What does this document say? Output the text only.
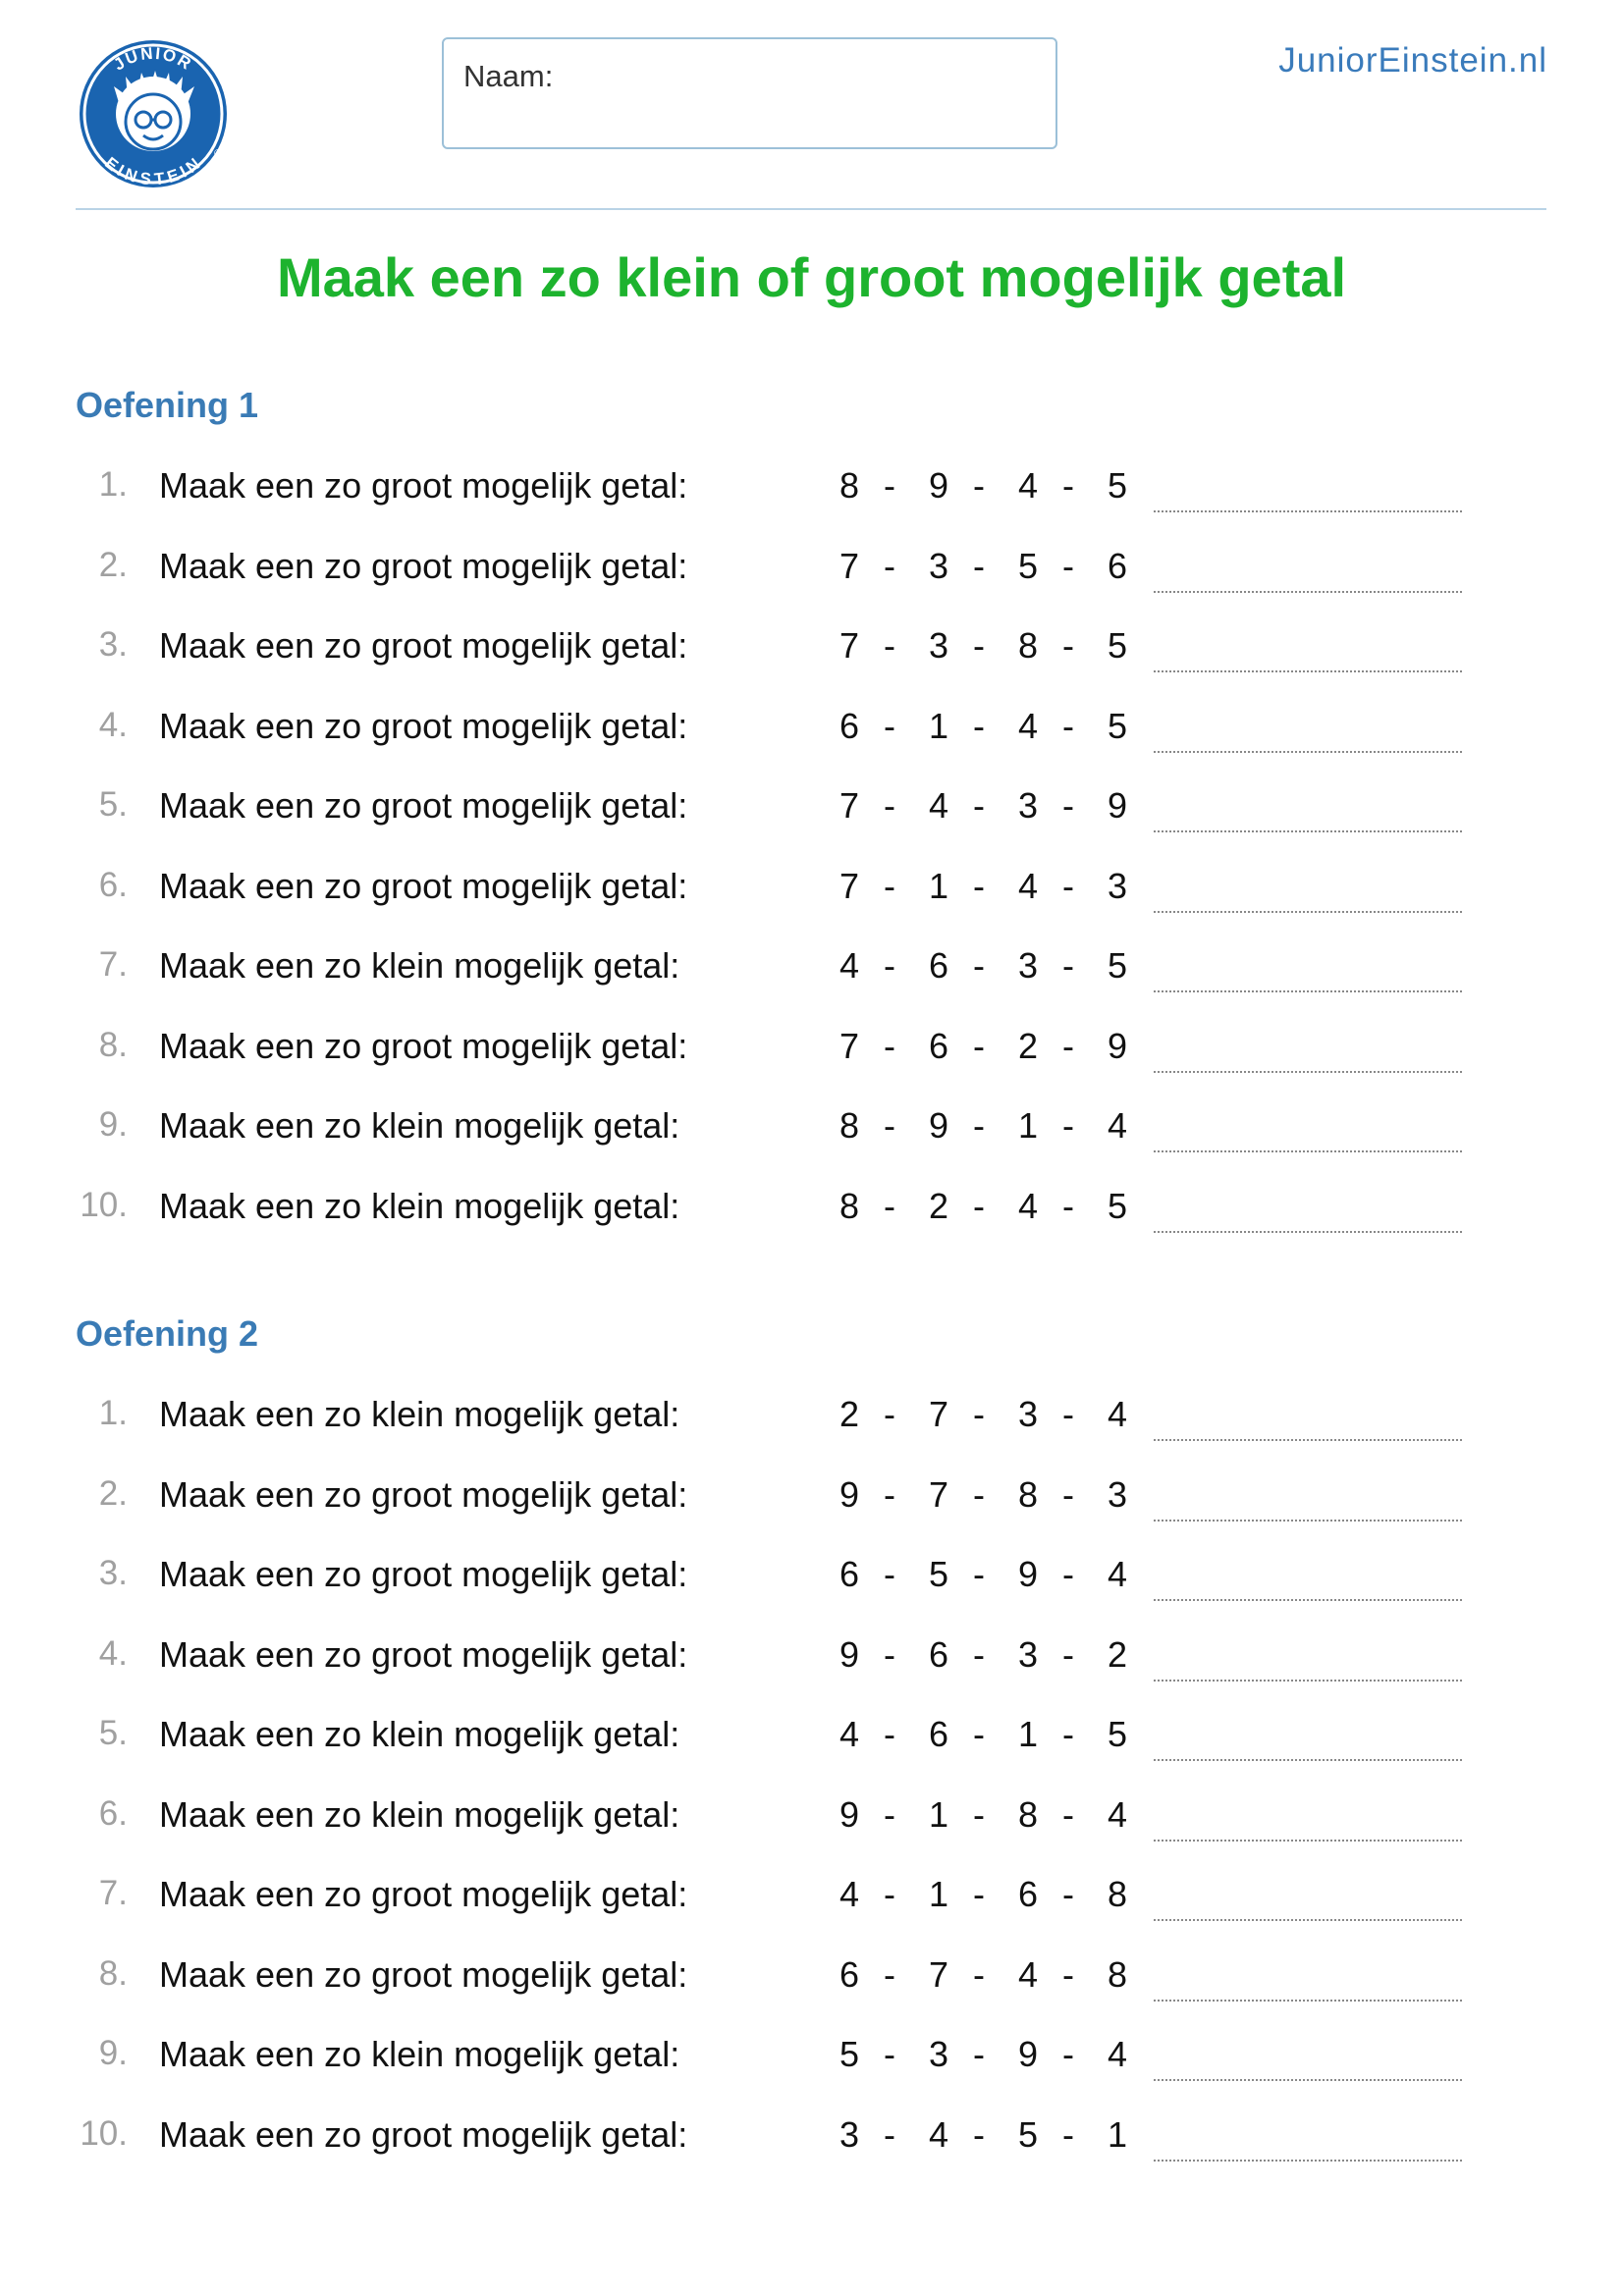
JUNIOR
EINSTEIN ®
Naam:	JuniorEinstein.nl
Maak een zo klein of groot mogelijk getal
Oefening 1
1. Maak een zo groot mogelijk getal:	8 - 9 - 4 - 5
2. Maak een zo groot mogelijk getal:	7 - 3 - 5 - 6
3. Maak een zo groot mogelijk getal:	7 - 3 - 8 - 5
4. Maak een zo groot mogelijk getal:	6 - 1 - 4 - 5
5. Maak een zo groot mogelijk getal:	7 - 4 - 3 - 9
6. Maak een zo groot mogelijk getal:	7 - 1 - 4 - 3
7. Maak een zo klein mogelijk getal:	4 - 6 - 3 - 5
8. Maak een zo groot mogelijk getal:	7 - 6 - 2 - 9
9. Maak een zo klein mogelijk getal:	8 - 9 - 1 - 4
10. Maak een zo klein mogelijk getal:	8 - 2 - 4 - 5
Oefening 2
1. Maak een zo klein mogelijk getal:	2 - 7 - 3 - 4
2. Maak een zo groot mogelijk getal:	9 - 7 - 8 - 3
3. Maak een zo groot mogelijk getal:	6 - 5 - 9 - 4
4. Maak een zo groot mogelijk getal:	9 - 6 - 3 - 2
5. Maak een zo klein mogelijk getal:	4 - 6 - 1 - 5
6. Maak een zo klein mogelijk getal:	9 - 1 - 8 - 4
7. Maak een zo groot mogelijk getal:	4 - 1 - 6 - 8
8. Maak een zo groot mogelijk getal:	6 - 7 - 4 - 8
9. Maak een zo klein mogelijk getal:	5 - 3 - 9 - 4
10. Maak een zo groot mogelijk getal:	3 - 4 - 5 - 1
